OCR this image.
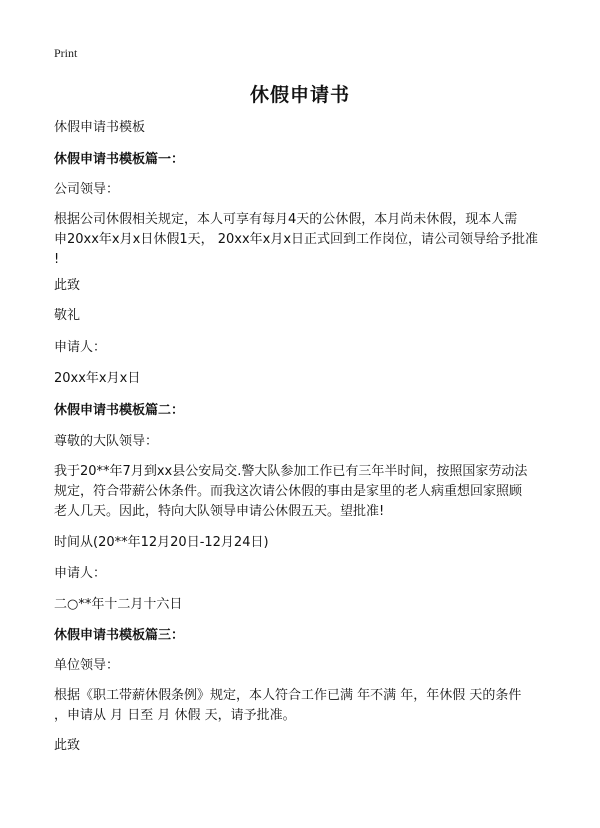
Print
休假申请书

休假申请书模板

休假申请书模板篇一：

公司领导：

根据公司休假相关规定，本人可享有每月4天的公休假，本月尚未休假，现本人需
申20xx年x月x日休假1天， 20xx年x月x日正式回到工作岗位，请公司领导给予批准
!

此致

敬礼

申请人：

20xx年x月x日

休假申请书模板篇二：

尊敬的大队领导：

我于20**年7月到xx县公安局交.警大队参加工作已有三年半时间，按照国家劳动法
规定，符合带薪公休条件。而我这次请公休假的事由是家里的老人病重想回家照顾
老人几天。因此，特向大队领导申请公休假五天。望批准!

时间从(20**年12月20日-12月24日)

申请人：

二○**年十二月十六日

休假申请书模板篇三：

单位领导：

根据《职工带薪休假条例》规定，本人符合工作已满 年不满 年，年休假 天的条件
，申请从 月 日至 月 休假 天，请予批准。

此致
